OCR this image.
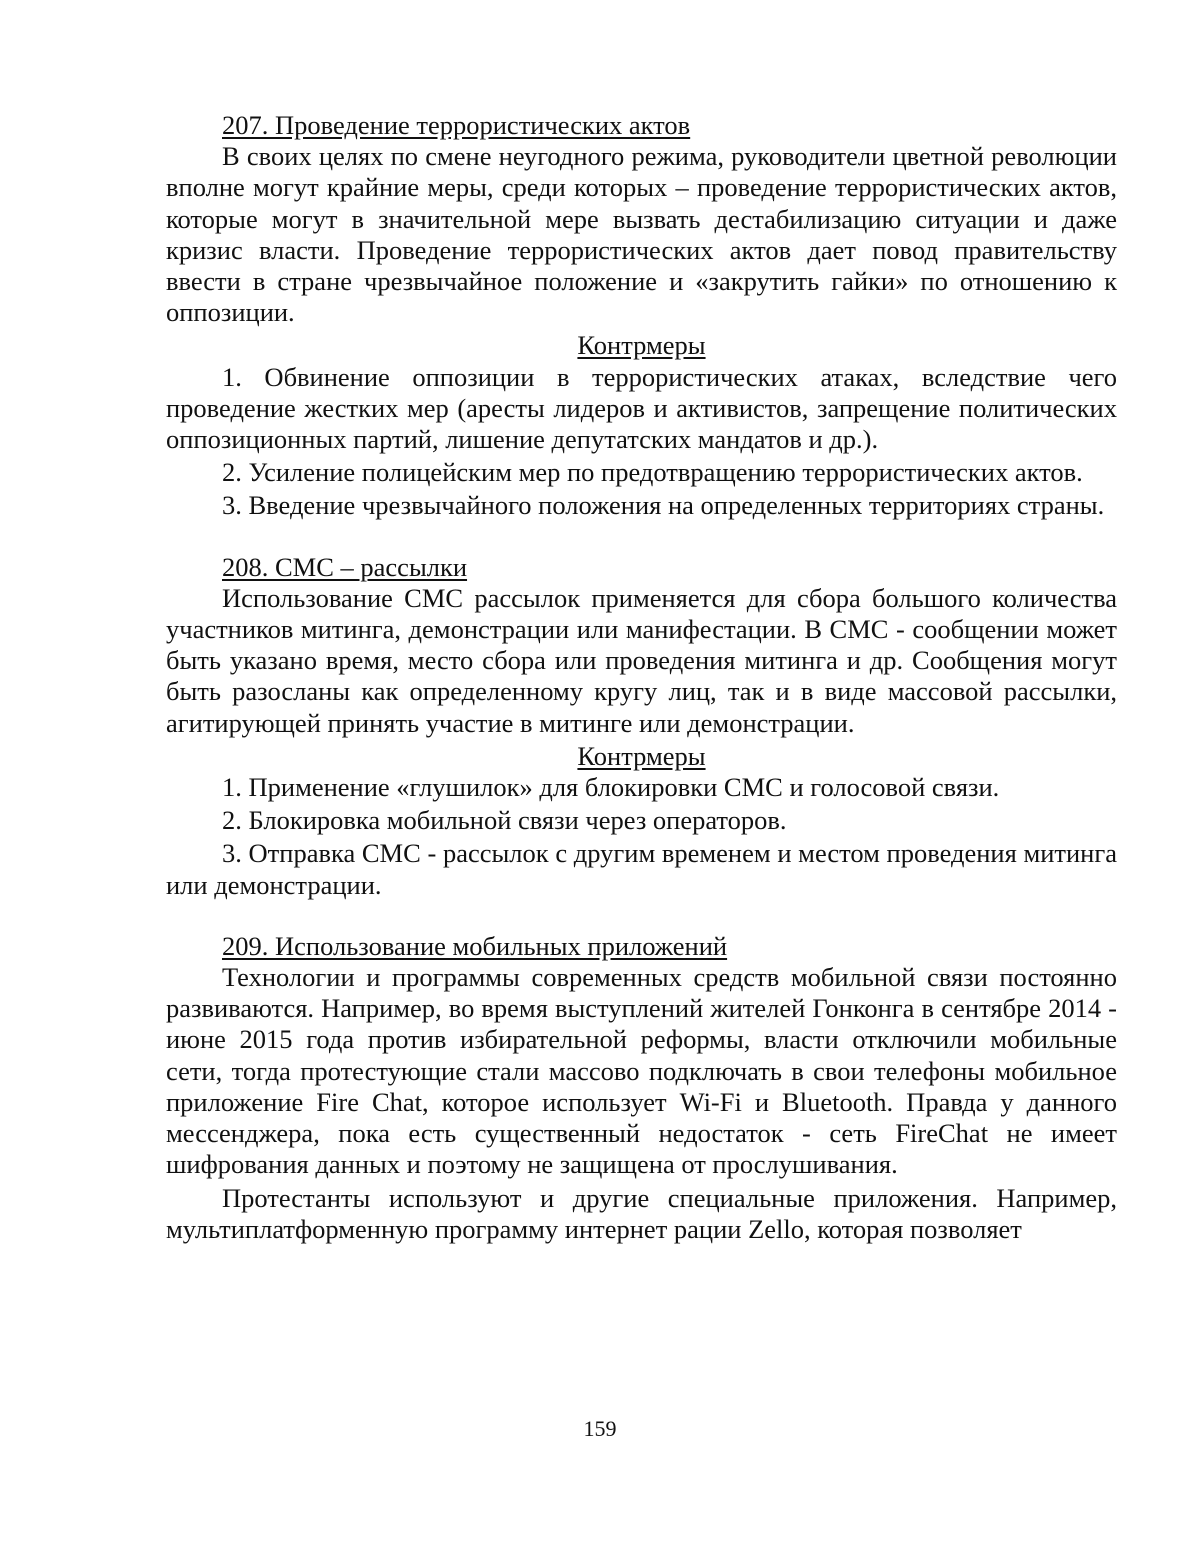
207. Проведение террористических актов

В своих целях по смене неугодного режима, руководители цветной революции вполне могут крайние меры, среди которых – проведение террористических актов, которые могут в значительной мере вызвать дестабилизацию ситуации и даже кризис власти. Проведение террористических актов дает повод правительству ввести в стране чрезвычайное положение и «закрутить гайки» по отношению к оппозиции.

Контрмеры

1. Обвинение оппозиции в террористических атаках, вследствие чего проведение жестких мер (аресты лидеров и активистов, запрещение политических оппозиционных партий, лишение депутатских мандатов и др.).

2. Усиление полицейским мер по предотвращению террористических актов.

3. Введение чрезвычайного положения на определенных территориях страны.

208. СМС – рассылки

Использование СМС рассылок применяется для сбора большого количества участников митинга, демонстрации или манифестации. В СМС - сообщении может быть указано время, место сбора или проведения митинга и др. Сообщения могут быть разосланы как определенному кругу лиц, так и в виде массовой рассылки, агитирующей принять участие в митинге или демонстрации.

Контрмеры

1. Применение «глушилок» для блокировки СМС и голосовой связи.

2. Блокировка мобильной связи через операторов.

3. Отправка СМС - рассылок с другим временем и местом проведения митинга или демонстрации.

209. Использование мобильных приложений

Технологии и программы современных средств мобильной связи постоянно развиваются. Например, во время выступлений жителей Гонконга в сентябре 2014 - июне 2015 года против избирательной реформы, власти отключили мобильные сети, тогда протестующие стали массово подключать в свои телефоны мобильное приложение Fire Chat, которое использует Wi-Fi и Bluetooth. Правда у данного мессенджера, пока есть существенный недостаток - сеть FireChat не имеет шифрования данных и поэтому не защищена от прослушивания.

Протестанты используют и другие специальные приложения. Например, мультиплатформенную программу интернет рации Zello, которая позволяет

159
